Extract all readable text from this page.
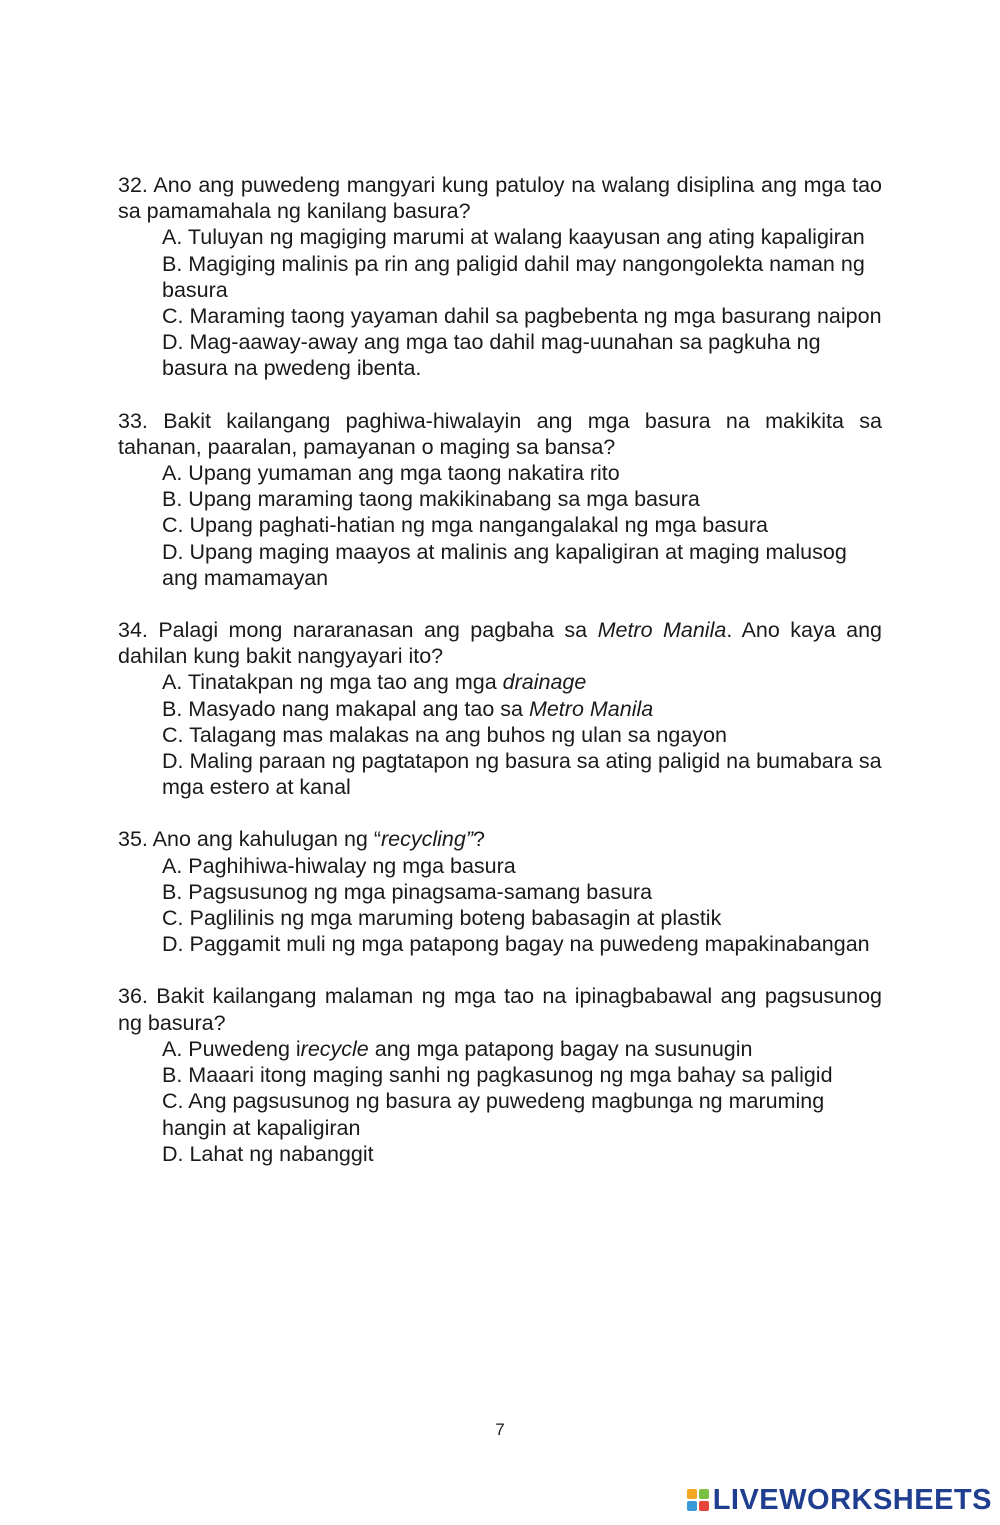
32. Ano ang puwedeng mangyari kung patuloy na walang disiplina ang mga tao sa pamamahala ng kanilang basura?
A. Tuluyan ng magiging marumi at walang kaayusan ang ating kapaligiran
B. Magiging malinis pa rin ang paligid dahil may nangongolekta naman ng basura
C. Maraming taong yayaman dahil sa pagbebenta ng mga basurang naipon
D. Mag-aaway-away ang mga tao dahil mag-uunahan sa pagkuha ng basura na pwedeng ibenta.
33. Bakit kailangang paghiwa-hiwalayin ang mga basura na makikita sa tahanan, paaralan, pamayanan o maging sa bansa?
A. Upang yumaman ang mga taong nakatira rito
B. Upang maraming taong makikinabang sa mga basura
C. Upang paghati-hatian ng mga nangangalakal ng mga basura
D. Upang maging maayos at malinis ang kapaligiran at maging malusog ang mamamayan
34. Palagi mong nararanasan ang pagbaha sa Metro Manila. Ano kaya ang dahilan kung bakit nangyayari ito?
A. Tinatakpan ng mga tao ang mga drainage
B. Masyado nang makapal ang tao sa Metro Manila
C. Talagang mas malakas na ang buhos ng ulan sa ngayon
D. Maling paraan ng pagtatapon ng basura sa ating paligid na bumabara sa mga estero at kanal
35. Ano ang kahulugan ng “recycling”?
A. Paghihiwa-hiwalay ng mga basura
B. Pagsusunog ng mga pinagsama-samang basura
C. Paglilinis ng mga maruming boteng babasagin at plastik
D. Paggamit muli ng mga patapong bagay na puwedeng mapakinabangan
36. Bakit kailangang malaman ng mga tao na ipinagbabawal ang pagsusunog ng basura?
A. Puwedeng irecycle ang mga patapong bagay na susunugin
B. Maaari itong maging sanhi ng pagkasunog ng mga bahay sa paligid
C. Ang pagsusunog ng basura ay puwedeng magbunga ng maruming hangin at kapaligiran
D. Lahat ng nabanggit
7
LIVEWORKSHEETS
